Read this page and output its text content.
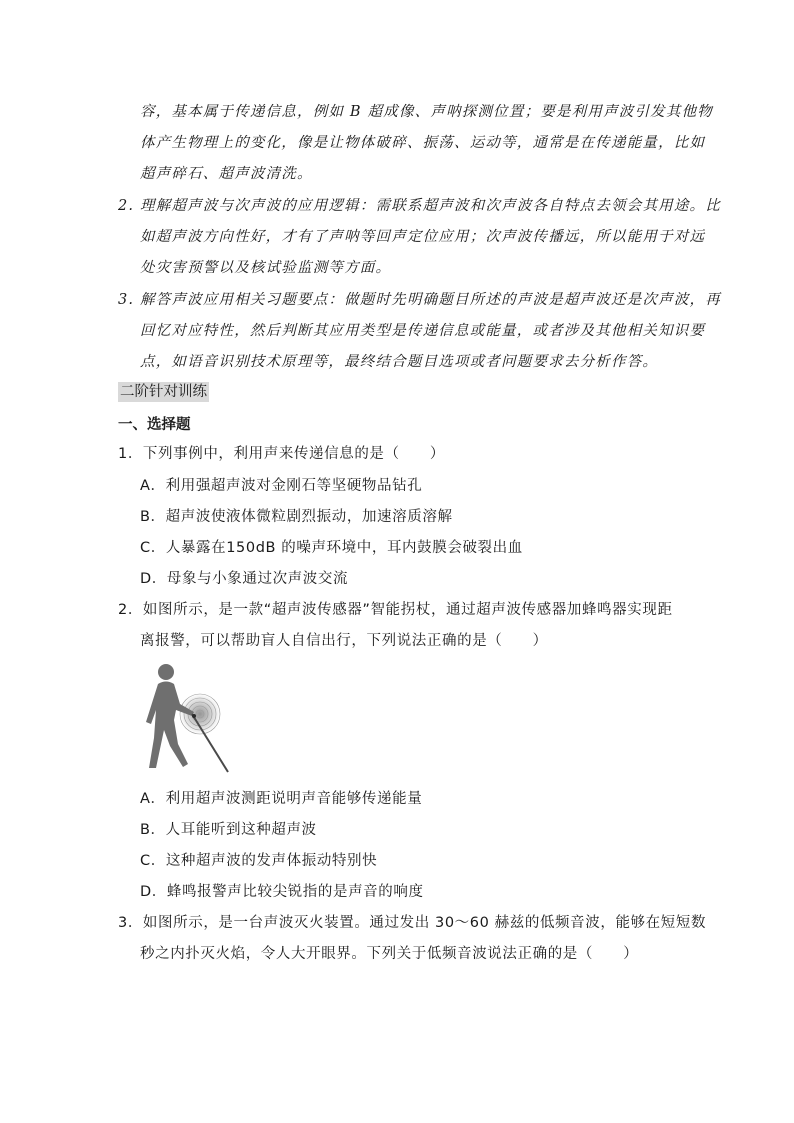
容，基本属于传递信息，例如 B 超成像、声呐探测位置；要是利用声波引发其他物
体产生物理上的变化，像是让物体破碎、振荡、运动等，通常是在传递能量，比如
超声碎石、超声波清洗。
2. 理解超声波与次声波的应用逻辑：需联系超声波和次声波各自特点去领会其用途。比
如超声波方向性好，才有了声呐等回声定位应用；次声波传播远，所以能用于对远
处灾害预警以及核试验监测等方面。
3. 解答声波应用相关习题要点：做题时先明确题目所述的声波是超声波还是次声波，再
回忆对应特性，然后判断其应用类型是传递信息或能量，或者涉及其他相关知识要
点，如语音识别技术原理等，最终结合题目选项或者问题要求去分析作答。
二阶针对训练
一、选择题
1．下列事例中，利用声来传递信息的是（　　）
A．利用强超声波对金刚石等坚硬物品钻孔
B．超声波使液体微粒剧烈振动，加速溶质溶解
C．人暴露在150dB 的噪声环境中，耳内鼓膜会破裂出血
D．母象与小象通过次声波交流
2．如图所示，是一款“超声波传感器”智能拐杖，通过超声波传感器加蜂鸣器实现距
离报警，可以帮助盲人自信出行，下列说法正确的是（　　）
A．利用超声波测距说明声音能够传递能量
B．人耳能听到这种超声波
C．这种超声波的发声体振动特别快
D．蜂鸣报警声比较尖锐指的是声音的响度
3．如图所示，是一台声波灭火装置。通过发出 30～60 赫兹的低频音波，能够在短短数
秒之内扑灭火焰，令人大开眼界。下列关于低频音波说法正确的是（　　）
